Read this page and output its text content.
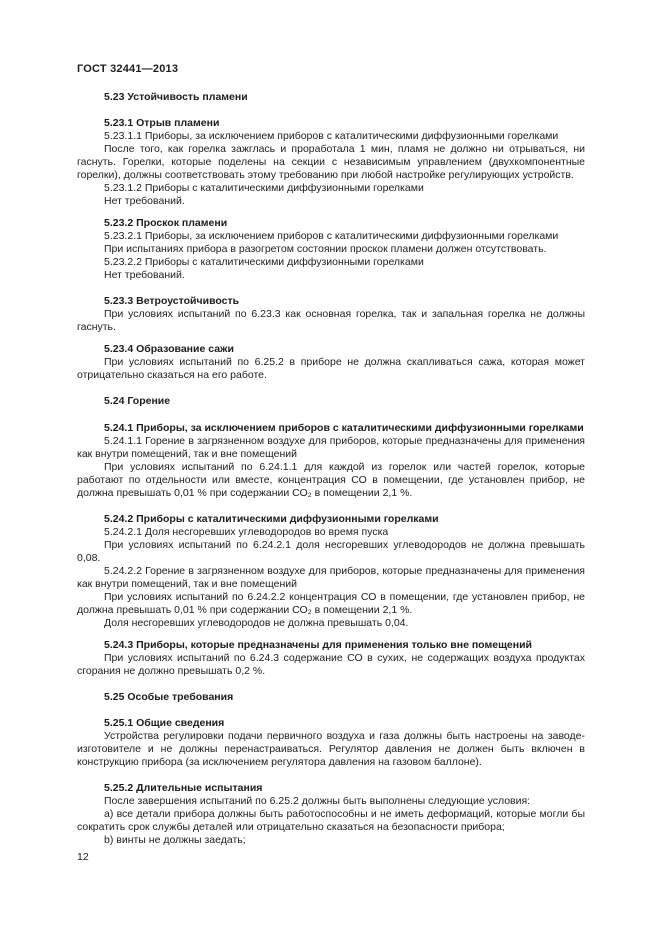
ГОСТ 32441—2013
5.23 Устойчивость пламени
5.23.1 Отрыв пламени
5.23.1.1 Приборы, за исключением приборов с каталитическими диффузионными горелками
После того, как горелка зажглась и проработала 1 мин, пламя не должно ни отрываться, ни гаснуть. Горелки, которые поделены на секции с независимым управлением (двухкомпонентные горелки), должны соответствовать этому требованию при любой настройке регулирующих устройств.
5.23.1.2 Приборы с каталитическими диффузионными горелками
Нет требований.
5.23.2 Проскок пламени
5.23.2.1 Приборы, за исключением приборов с каталитическими диффузионными горелками
При испытаниях прибора в разогретом состоянии проскок пламени должен отсутствовать.
5.23.2.2 Приборы с каталитическими диффузионными горелками
Нет требований.
5.23.3 Ветроустойчивость
При условиях испытаний по 6.23.3 как основная горелка, так и запальная горелка не должны гаснуть.
5.23.4 Образование сажи
При условиях испытаний по 6.25.2 в приборе не должна скапливаться сажа, которая может отрицательно сказаться на его работе.
5.24 Горение
5.24.1 Приборы, за исключением приборов с каталитическими диффузионными горелками
5.24.1.1 Горение в загрязненном воздухе для приборов, которые предназначены для применения как внутри помещений, так и вне помещений
При условиях испытаний по 6.24.1.1 для каждой из горелок или частей горелок, которые работают по отдельности или вместе, концентрация СО в помещении, где установлен прибор, не должна превышать 0,01 % при содержании СО₂ в помещении 2,1 %.
5.24.2 Приборы с каталитическими диффузионными горелками
5.24.2.1 Доля несгоревших углеводородов во время пуска
При условиях испытаний по 6.24.2.1 доля несгоревших углеводородов не должна превышать 0,08.
5.24.2.2 Горение в загрязненном воздухе для приборов, которые предназначены для применения как внутри помещений, так и вне помещений
При условиях испытаний по 6.24.2.2 концентрация СО в помещении, где установлен прибор, не должна превышать 0,01 % при содержании СО₂ в помещении 2,1 %.
Доля несгоревших углеводородов не должна превышать 0,04.
5.24.3 Приборы, которые предназначены для применения только вне помещений
При условиях испытаний по 6.24.3 содержание СО в сухих, не содержащих воздуха продуктах сгорания не должно превышать 0,2 %.
5.25 Особые требования
5.25.1 Общие сведения
Устройства регулировки подачи первичного воздуха и газа должны быть настроены на заводе-изготовителе и не должны перенастраиваться. Регулятор давления не должен быть включен в конструкцию прибора (за исключением регулятора давления на газовом баллоне).
5.25.2 Длительные испытания
После завершения испытаний по 6.25.2 должны быть выполнены следующие условия:
a) все детали прибора должны быть работоспособны и не иметь деформаций, которые могли бы сократить срок службы деталей или отрицательно сказаться на безопасности прибора;
b) винты не должны заедать;
12
